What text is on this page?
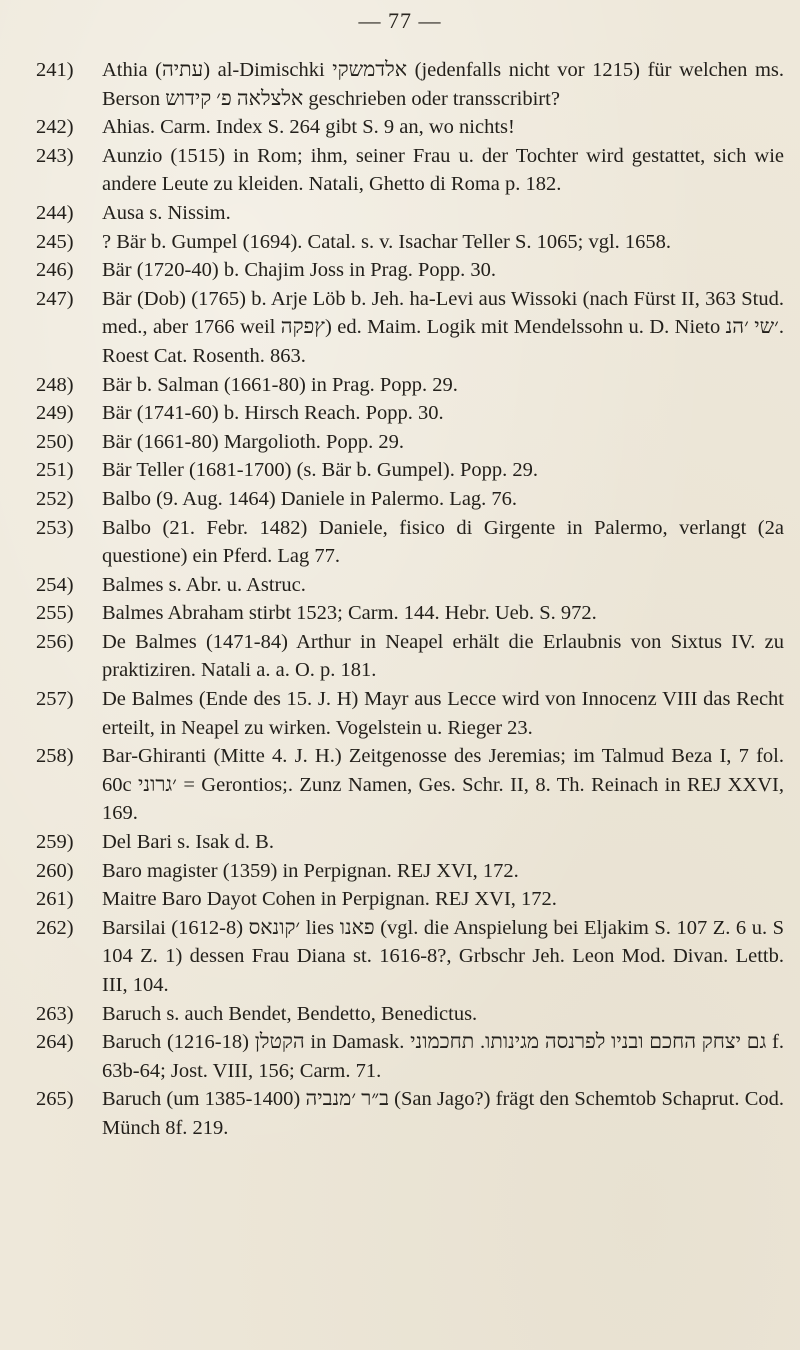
— 77 —

241)	Athia (עתיה) al-Dimischki אלדמשקי (jedenfalls nicht vor 1215) für welchen ms. Berson אלצלאה פ׳ קידוש geschrieben oder transscribirt?

242)	Ahias. Carm. Index S. 264 gibt S. 9 an, wo nichts!

243)	Aunzio (1515) in Rom; ihm, seiner Frau u. der Tochter wird gestattet, sich wie andere Leute zu kleiden. Natali, Ghetto di Roma p. 182.

244)	Ausa s. Nissim.

245)	? Bär b. Gumpel (1694). Catal. s. v. Isachar Teller S. 1065; vgl. 1658.

246)	Bär (1720-40) b. Chajim Joss in Prag. Popp. 30.

247)	Bär (Dob) (1765) b. Arje Löb b. Jeh. ha-Levi aus Wissoki (nach Fürst II, 363 Stud. med., aber 1766 weil ץפקה) ed. Maim. Logik mit Mendelssohn u. D. Nieto ׳שי ׳הנ. Roest Cat. Rosenth. 863.

248)	Bär b. Salman (1661-80) in Prag. Popp. 29.

249)	Bär (1741-60) b. Hirsch Reach. Popp. 30.

250)	Bär (1661-80) Margolioth. Popp. 29.

251)	Bär Teller (1681-1700) (s. Bär b. Gumpel). Popp. 29.

252)	Balbo (9. Aug. 1464) Daniele in Palermo. Lag. 76.

253)	Balbo (21. Febr. 1482) Daniele, fisico di Girgente in Palermo, verlangt (2a questione) ein Pferd. Lag 77.

254)	Balmes s. Abr. u. Astruc.

255)	Balmes Abraham stirbt 1523; Carm. 144. Hebr. Ueb. S. 972.

256)	De Balmes (1471-84) Arthur in Neapel erhält die Erlaubnis von Sixtus IV. zu praktiziren. Natali a. a. O. p. 181.

257)	De Balmes (Ende des 15. J. H) Mayr aus Lecce wird von Innocenz VIII das Recht erteilt, in Neapel zu wirken. Vogelstein u. Rieger 23.

258)	Bar-Ghiranti (Mitte 4. J. H.) Zeitgenosse des Jeremias; im Talmud Beza I, 7 fol. 60c ׳גרוני = Gerontios;. Zunz Namen, Ges. Schr. II, 8. Th. Reinach in REJ XXVI, 169.

259)	Del Bari s. Isak d. B.

260)	Baro magister (1359) in Perpignan. REJ XVI, 172.

261)	Maitre Baro Dayot Cohen in Perpignan. REJ XVI, 172.

262)	Barsilai (1612-8) ׳קונאס lies פאנו (vgl. die Anspielung bei Eljakim S. 107 Z. 6 u. S 104 Z. 1) dessen Frau Diana st. 1616-8?, Grbschr Jeh. Leon Mod. Divan. Lettb. III, 104.

263)	Baruch s. auch Bendet, Bendetto, Benedictus.

264)	Baruch (1216-18) הקטלן in Damask. גם יצחק החכם ובניו לפרנסה מגינותו. תחכמוני f. 63b-64; Jost. VIII, 156; Carm. 71.

265)	Baruch (um 1385-1400) ב״ר ׳מנביה (San Jago?) frägt den Schemtob Schaprut. Cod. Münch 8f. 219.
